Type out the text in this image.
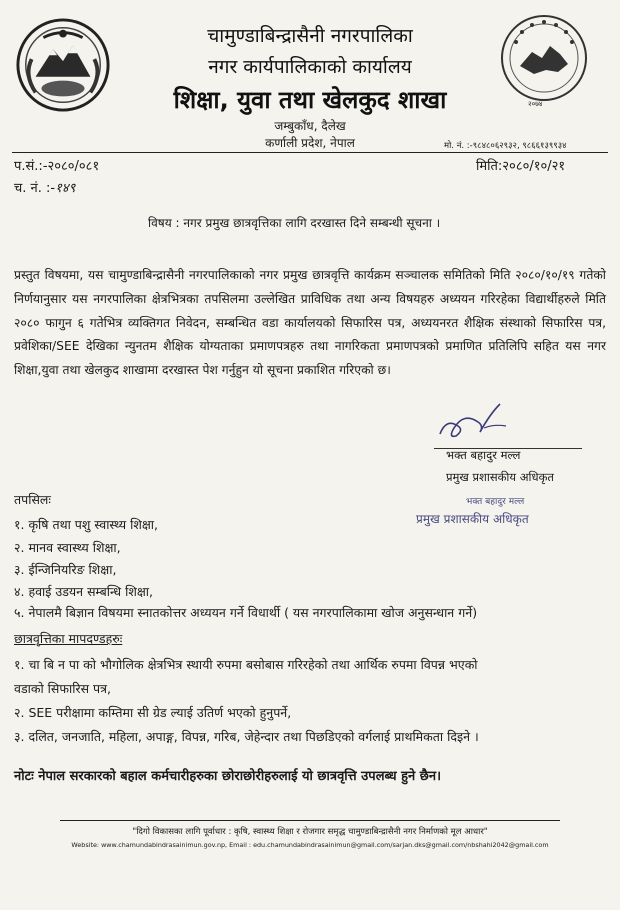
२०७४
चामुण्डाबिन्द्रासैनी नगरपालिका
नगर कार्यपालिकाको कार्यालय
शिक्षा, युवा तथा खेलकुद शाखा
जम्बुकाँध, दैलेख
कर्णाली प्रदेश, नेपाल	मो. नं. :-९८४८०६२९३२, ९८६६१३९९३४
प.सं.:-२०८०/०८१	मिति:२०८०/१०/२१
च. नं. :-१४९
विषय : नगर प्रमुख छात्रवृत्तिका लागि दरखास्त दिने सम्बन्धी सूचना ।
प्रस्तुत विषयमा, यस चामुण्डाबिन्द्रासैनी नगरपालिकाको नगर प्रमुख छात्रवृत्ति कार्यक्रम सञ्चालक समितिको मिति २०८०/१०/१९ गतेको निर्णयानुसार यस नगरपालिका क्षेत्रभित्रका तपसिलमा उल्लेखित प्राविधिक तथा अन्य विषयहरु अध्ययन गरिरहेका विद्यार्थीहरुले मिति २०८० फागुन ६ गतेभित्र व्यक्तिगत निवेदन, सम्बन्धित वडा कार्यालयको सिफारिस पत्र, अध्ययनरत शैक्षिक संस्थाको सिफारिस पत्र, प्रवेशिका/SEE देखिका न्युनतम शैक्षिक योग्यताका प्रमाणपत्रहरु तथा नागरिकता प्रमाणपत्रको प्रमाणित प्रतिलिपि सहित यस नगर शिक्षा,युवा तथा खेलकुद शाखामा दरखास्त पेश गर्नुहुन यो सूचना प्रकाशित गरिएको छ।
भक्त बहादुर मल्ल
प्रमुख प्रशासकीय अधिकृत
भक्त बहादुर मल्ल
प्रमुख प्रशासकीय अधिकृत
तपसिलः
१. कृषि तथा पशु स्वास्थ्य शिक्षा,
२. मानव स्वास्थ्य शिक्षा,
३. ईन्जिनियरिङ शिक्षा,
४. हवाई उडयन सम्बन्धि शिक्षा,
५. नेपालमै बिज्ञान विषयमा स्नातकोत्तर अध्ययन गर्ने विधार्थी ( यस नगरपालिकामा खोज अनुसन्धान गर्ने)
छात्रवृत्तिका मापदण्डहरुः
१. चा बि न पा को भौगोलिक क्षेत्रभित्र स्थायी रुपमा बसोबास गरिरहेको तथा आर्थिक रुपमा विपन्न भएको
वडाको सिफारिस पत्र,
२. SEE परीक्षामा कम्तिमा सी ग्रेड ल्याई उतिर्ण भएको हुनुपर्ने,
३. दलित, जनजाति, महिला, अपाङ्ग, विपन्न, गरिब, जेहेन्दार तथा पिछडिएको वर्गलाई प्राथमिकता दिइने ।
नोटः नेपाल सरकारको बहाल कर्मचारीहरुका छोराछोरीहरुलाई यो छात्रवृत्ति उपलब्ध हुने छैन।
"दिगो विकासका लागि पूर्वाधार : कृषि, स्वास्थ्य शिक्षा र रोजगार समृद्ध चामुण्डाबिन्द्रासैनी नगर निर्माणको मूल आधार"
Website: www.chamundabindrasainimun.gov.np, Email : edu.chamundabindrasainimun@gmail.com/sarjan.dks@gmail.com/nbshahi2042@gmail.com
